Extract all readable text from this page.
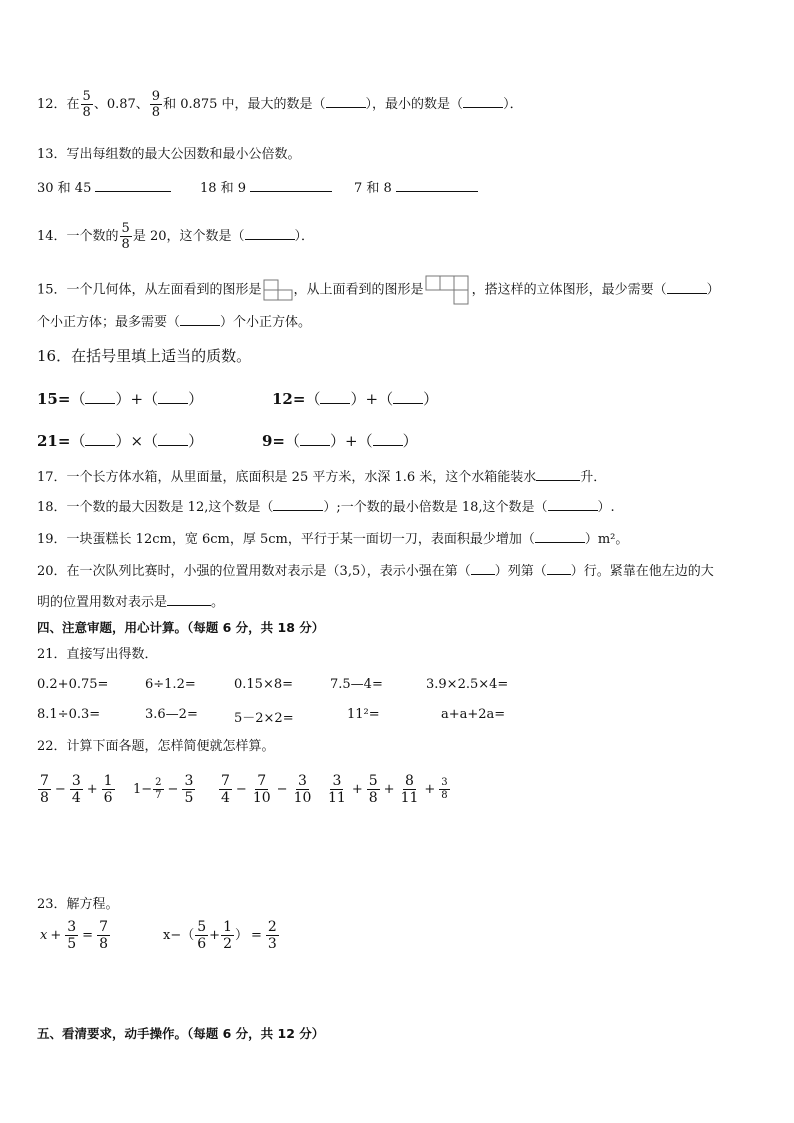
12．在 $\frac{5}{8}$ 、0.87、 $\frac{9}{8}$ 和 0.875 中，最大的数是（	），最小的数是（	）．
13．写出每组数的最大公因数和最小公倍数。
30 和 45	18 和 9	7 和 8
14．一个数的 $\frac{5}{8}$ 是 20，这个数是（	）．
15．一个几何体，从左面看到的图形是 ，从上面看到的图形是	，搭这样的立体图形，最少需要（	）
个小正方体；最多需要（	）个小正方体。
16．在括号里填上适当的质数。
15=（ ）+（ ）	12=（ ）+（ ）
21=（ ）×（ ）	9=（ ）+（ ）
17．一个长方体水箱，从里面量，底面积是 25 平方米，水深 1.6 米，这个水箱能装水	升．
18．一个数的最大因数是 12,这个数是（	）;一个数的最小倍数是 18,这个数是（	）.
19．一块蛋糕长 12cm，宽 6cm，厚 5cm，平行于某一面切一刀，表面积最少增加（	）m²。
20．在一次队列比赛时，小强的位置用数对表示是（3,5），表示小强在第（ ）列第（ ）行。紧靠在他左边的大
明的位置用数对表示是	。
四、注意审题，用心计算。（每题 6 分，共 18 分）
21．直接写出得数．
0.2+0.75=	6÷1.2=	0.15×8=	7.5—4=	3.9×2.5×4=
8.1÷0.3=	3.6—2=	5－2×2=	11²=	a+a+2a=
22．计算下面各题，怎样简便就怎样算。
$\frac{7}{8} - \frac{3}{4} + \frac{1}{6} 1- \frac{2}{7} - \frac{3}{5} \frac{7}{4} - \frac{7}{10} - \frac{3}{10} \frac{3}{11} + \frac{5}{8} + \frac{8}{11} + \frac{3}{8}$
23．解方程。
$x + \frac{3}{5} = \frac{7}{8}$	$x-( \frac{5}{6} + \frac{1}{2}$ ） = $\frac{2}{3}$
五、看清要求，动手操作。（每题 6 分，共 12 分）
